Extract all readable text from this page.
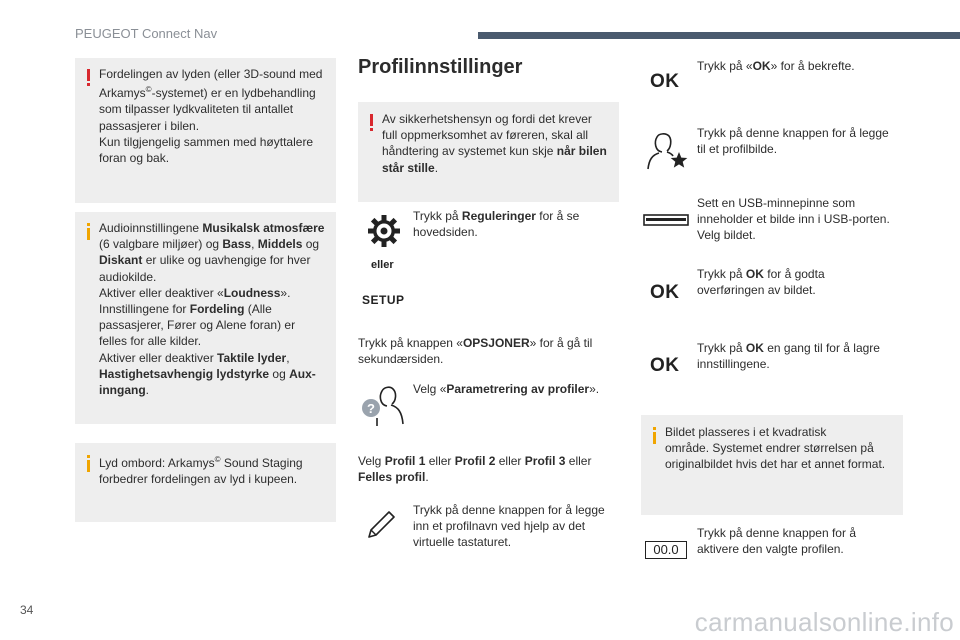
PEUGEOT Connect Nav
Fordelingen av lyden (eller 3D-sound med
Arkamys©-systemet) er en lydbehandling
som tilpasser lydkvaliteten til antallet
passasjerer i bilen.
Kun tilgjengelig sammen med høyttalere
foran og bak.
Audioinnstillingene Musikalsk atmosfære
(6 valgbare miljøer) og Bass, Middels og
Diskant er ulike og uavhengige for hver
audiokilde.
Aktiver eller deaktiver «Loudness».
Innstillingene for Fordeling (Alle
passasjerer, Fører og Alene foran) er
felles for alle kilder.
Aktiver eller deaktiver Taktile lyder,
Hastighetsavhengig lydstyrke og Aux-
inngang.
Lyd ombord: Arkamys© Sound Staging
forbedrer fordelingen av lyd i kupeen.
Profilinnstillinger
Av sikkerhetshensyn og fordi det krever
full oppmerksomhet av føreren, skal all
håndtering av systemet kun skje når bilen
står stille.
Trykk på Reguleringer for å se
hovedsiden.
eller
SETUP
Trykk på knappen «OPSJONER» for å gå til
sekundærsiden.
?
Velg «Parametrering av profiler».
Velg Profil 1 eller Profil 2 eller Profil 3 eller
Felles profil.
Trykk på denne knappen for å legge
inn et profilnavn ved hjelp av det
virtuelle tastaturet.
OK
Trykk på «OK» for å bekrefte.
Trykk på denne knappen for å legge
til et profilbilde.
Sett en USB-minnepinne som
inneholder et bilde inn i USB-porten.
Velg bildet.
OK
Trykk på OK for å godta
overføringen av bildet.
OK
Trykk på OK en gang til for å lagre
innstillingene.
Bildet plasseres i et kvadratisk
område. Systemet endrer størrelsen på
originalbildet hvis det har et annet format.
00.0
Trykk på denne knappen for å
aktivere den valgte profilen.
34	carmanualsonline.info
